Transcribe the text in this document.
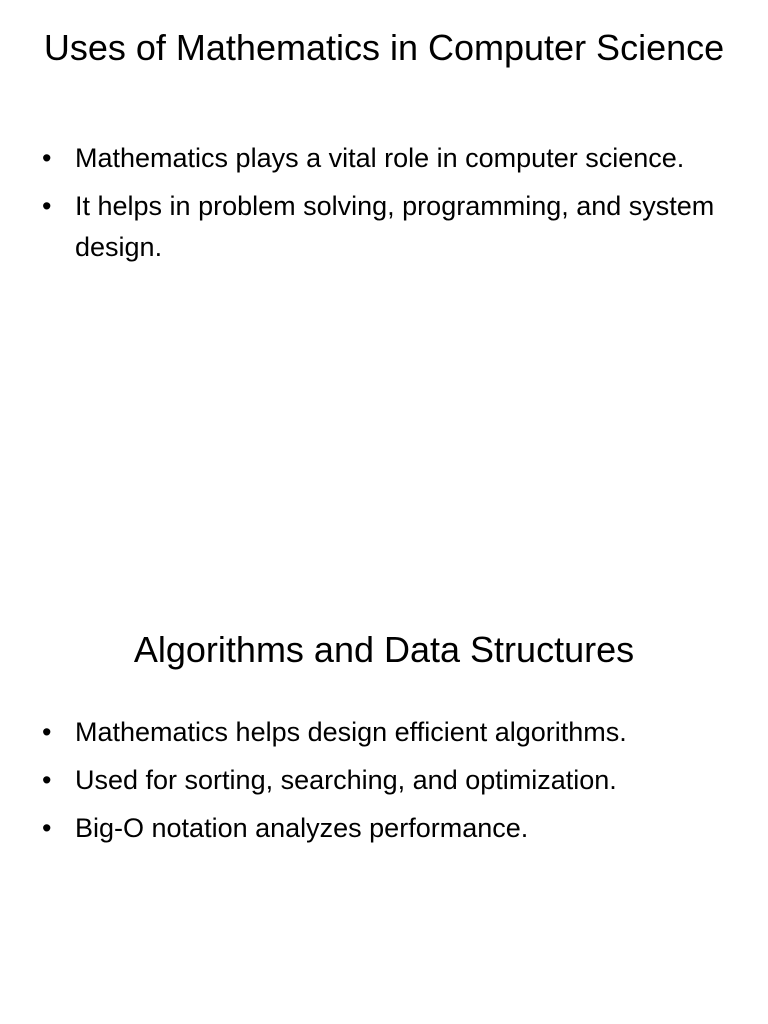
Uses of Mathematics in Computer Science
• Mathematics plays a vital role in computer science.
• It helps in problem solving, programming, and system design.
Algorithms and Data Structures
• Mathematics helps design efficient algorithms.
• Used for sorting, searching, and optimization.
• Big-O notation analyzes performance.
